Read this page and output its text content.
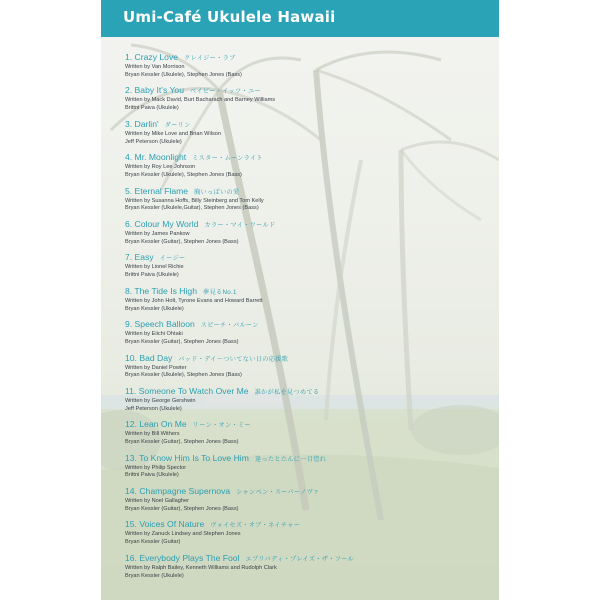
Umi-Café Ukulele Hawaii
1. Crazy Love クレイジー・ラブ
Written by Van Morrison
Bryan Kessler (Ukulele), Stephen Jones (Bass)
2. Baby It's You ベイビー・イッツ・ユー
Written by Mack David, Burt Bacharach and Barney Williams
Brittni Paiva (Ukulele)
3. Darlin' ダーリン
Written by Mike Love and Brian Wilson
Jeff Peterson (Ukulele)
4. Mr. Moonlight ミスター・ムーンライト
Written by Roy Lee Johnson
Bryan Kessler (Ukulele), Stephen Jones (Bass)
5. Eternal Flame 胸いっぱいの愛
Written by Susanna Hoffs, Billy Steinberg and Tom Kelly
Bryan Kessler (Ukulele,Guitar), Stephen Jones (Bass)
6. Colour My World カラー・マイ・ワールド
Written by James Pankow
Bryan Kessler (Guitar), Stephen Jones (Bass)
7. Easy イージー
Written by Lionel Richie
Brittni Paiva (Ukulele)
8. The Tide Is High 夢見るNo.1
Written by John Holt, Tyrone Evans and Howard Barrett
Bryan Kessler (Ukulele)
9. Speech Balloon スピーチ・バルーン
Written by Eiichi Ohtaki
Bryan Kessler (Guitar), Stephen Jones (Bass)
10. Bad Day バッド・デイ〜ついてない日の応援歌
Written by Daniel Powter
Bryan Kessler (Ukulele), Stephen Jones (Bass)
11. Someone To Watch Over Me 誰かが私を見つめてる
Written by George Gershwin
Jeff Peterson (Ukulele)
12. Lean On Me リーン・オン・ミー
Written by Bill Withers
Bryan Kessler (Guitar), Stephen Jones (Bass)
13. To Know Him Is To Love Him 逢ったとたんに一目惚れ
Written by Philip Spector
Brittni Paiva (Ukulele)
14. Champagne Supernova シャンペン・スーパーノヴァ
Written by Noel Gallagher
Bryan Kessler (Guitar), Stephen Jones (Bass)
15. Voices Of Nature ヴォイセズ・オブ・ネイチャー
Written by Zanuck Lindsey and Stephen Jones
Bryan Kessler (Guitar)
16. Everybody Plays The Fool エブリバディ・プレイズ・ザ・フール
Written by Ralph Bailey, Kenneth Williams and Rudolph Clark
Bryan Kessler (Ukulele)
